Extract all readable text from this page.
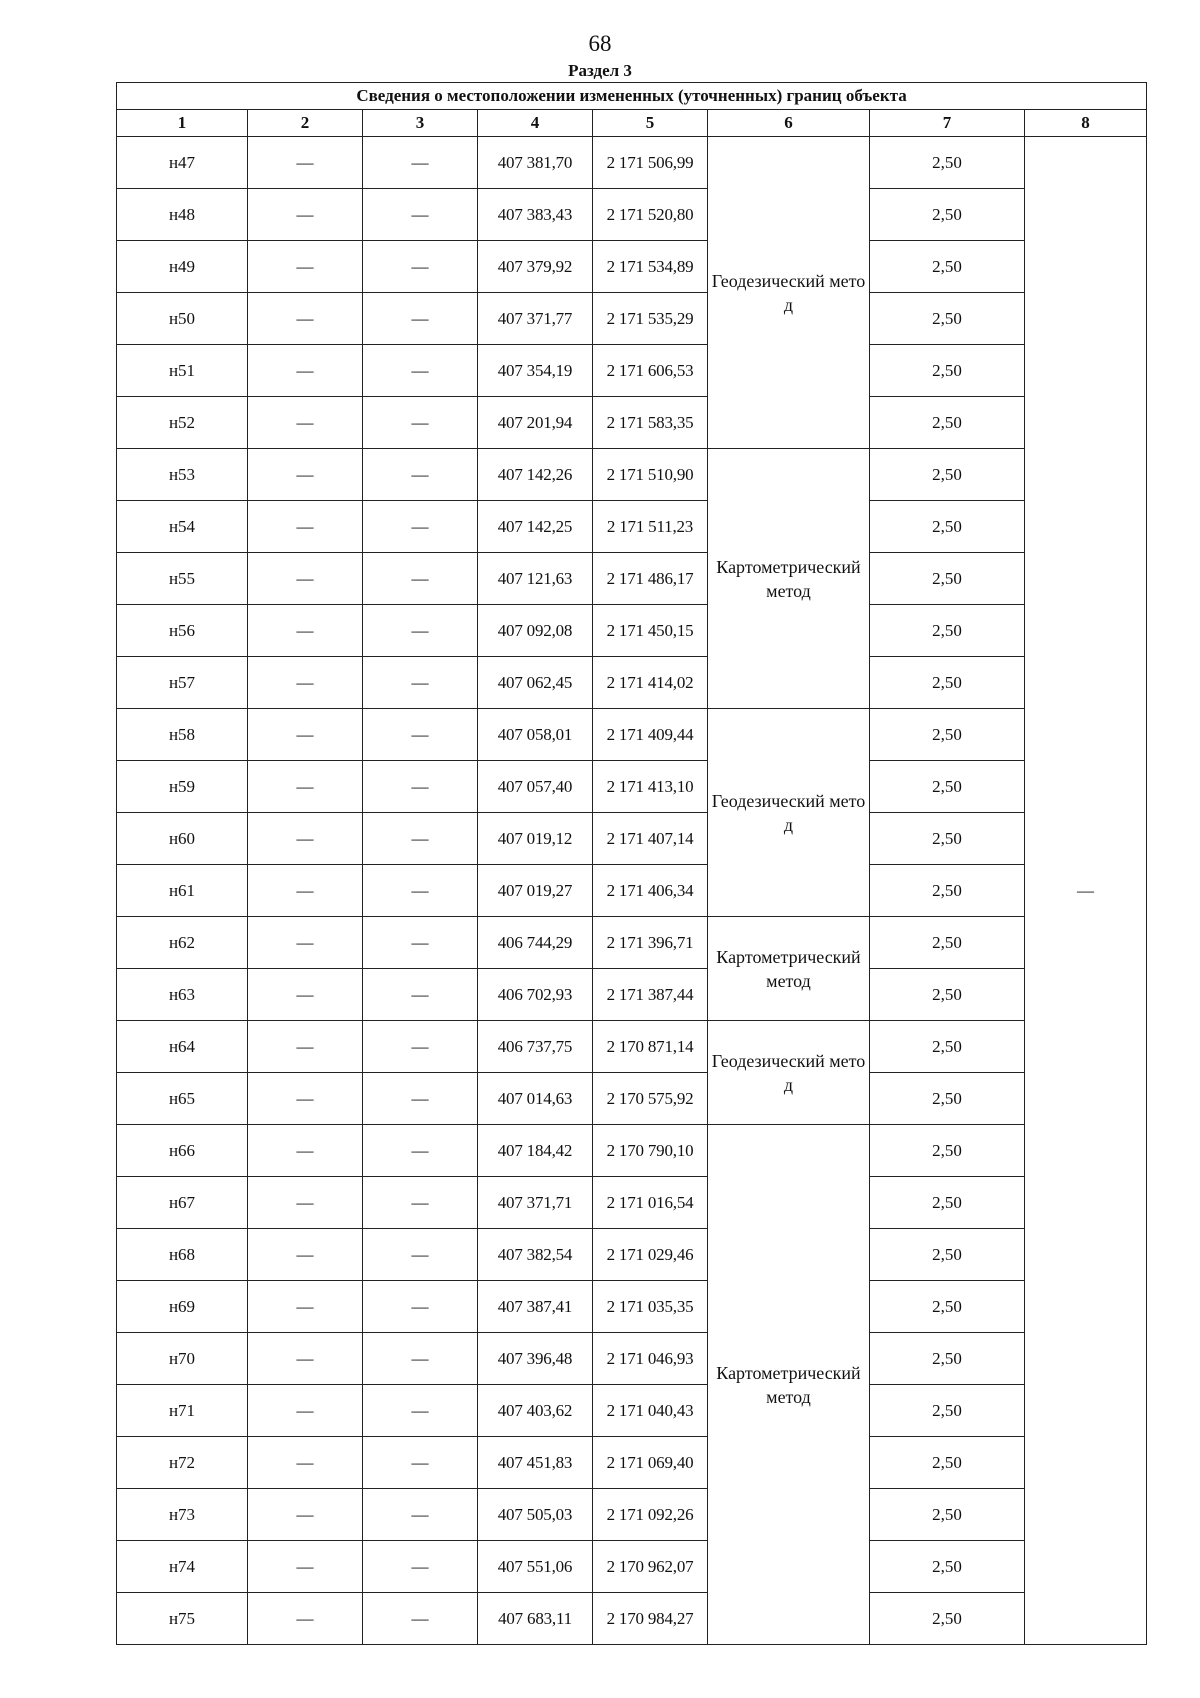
68
Раздел 3
Сведения о местоположении измененных (уточненных) границ объекта							
1	2	3	4	5	6	7	8
н47	—	—	407 381,70	2 171 506,99	Геодезический метод	2,50	—
н48	—	—	407 383,43	2 171 520,80		2,50	
н49	—	—	407 379,92	2 171 534,89		2,50	
н50	—	—	407 371,77	2 171 535,29		2,50	
н51	—	—	407 354,19	2 171 606,53		2,50	
н52	—	—	407 201,94	2 171 583,35		2,50	
н53	—	—	407 142,26	2 171 510,90	Картометрический метод	2,50	
н54	—	—	407 142,25	2 171 511,23		2,50	
н55	—	—	407 121,63	2 171 486,17		2,50	
н56	—	—	407 092,08	2 171 450,15		2,50	
н57	—	—	407 062,45	2 171 414,02		2,50	
н58	—	—	407 058,01	2 171 409,44	Геодезический метод	2,50	
н59	—	—	407 057,40	2 171 413,10		2,50	
н60	—	—	407 019,12	2 171 407,14		2,50	
н61	—	—	407 019,27	2 171 406,34		2,50	
н62	—	—	406 744,29	2 171 396,71	Картометрический метод	2,50	
н63	—	—	406 702,93	2 171 387,44		2,50	
н64	—	—	406 737,75	2 170 871,14	Геодезический метод	2,50	
н65	—	—	407 014,63	2 170 575,92		2,50	
н66	—	—	407 184,42	2 170 790,10	Картометрический метод	2,50	
н67	—	—	407 371,71	2 171 016,54		2,50	
н68	—	—	407 382,54	2 171 029,46		2,50	
н69	—	—	407 387,41	2 171 035,35		2,50	
н70	—	—	407 396,48	2 171 046,93		2,50	
н71	—	—	407 403,62	2 171 040,43		2,50	
н72	—	—	407 451,83	2 171 069,40		2,50	
н73	—	—	407 505,03	2 171 092,26		2,50	
н74	—	—	407 551,06	2 170 962,07		2,50	
н75	—	—	407 683,11	2 170 984,27		2,50	
